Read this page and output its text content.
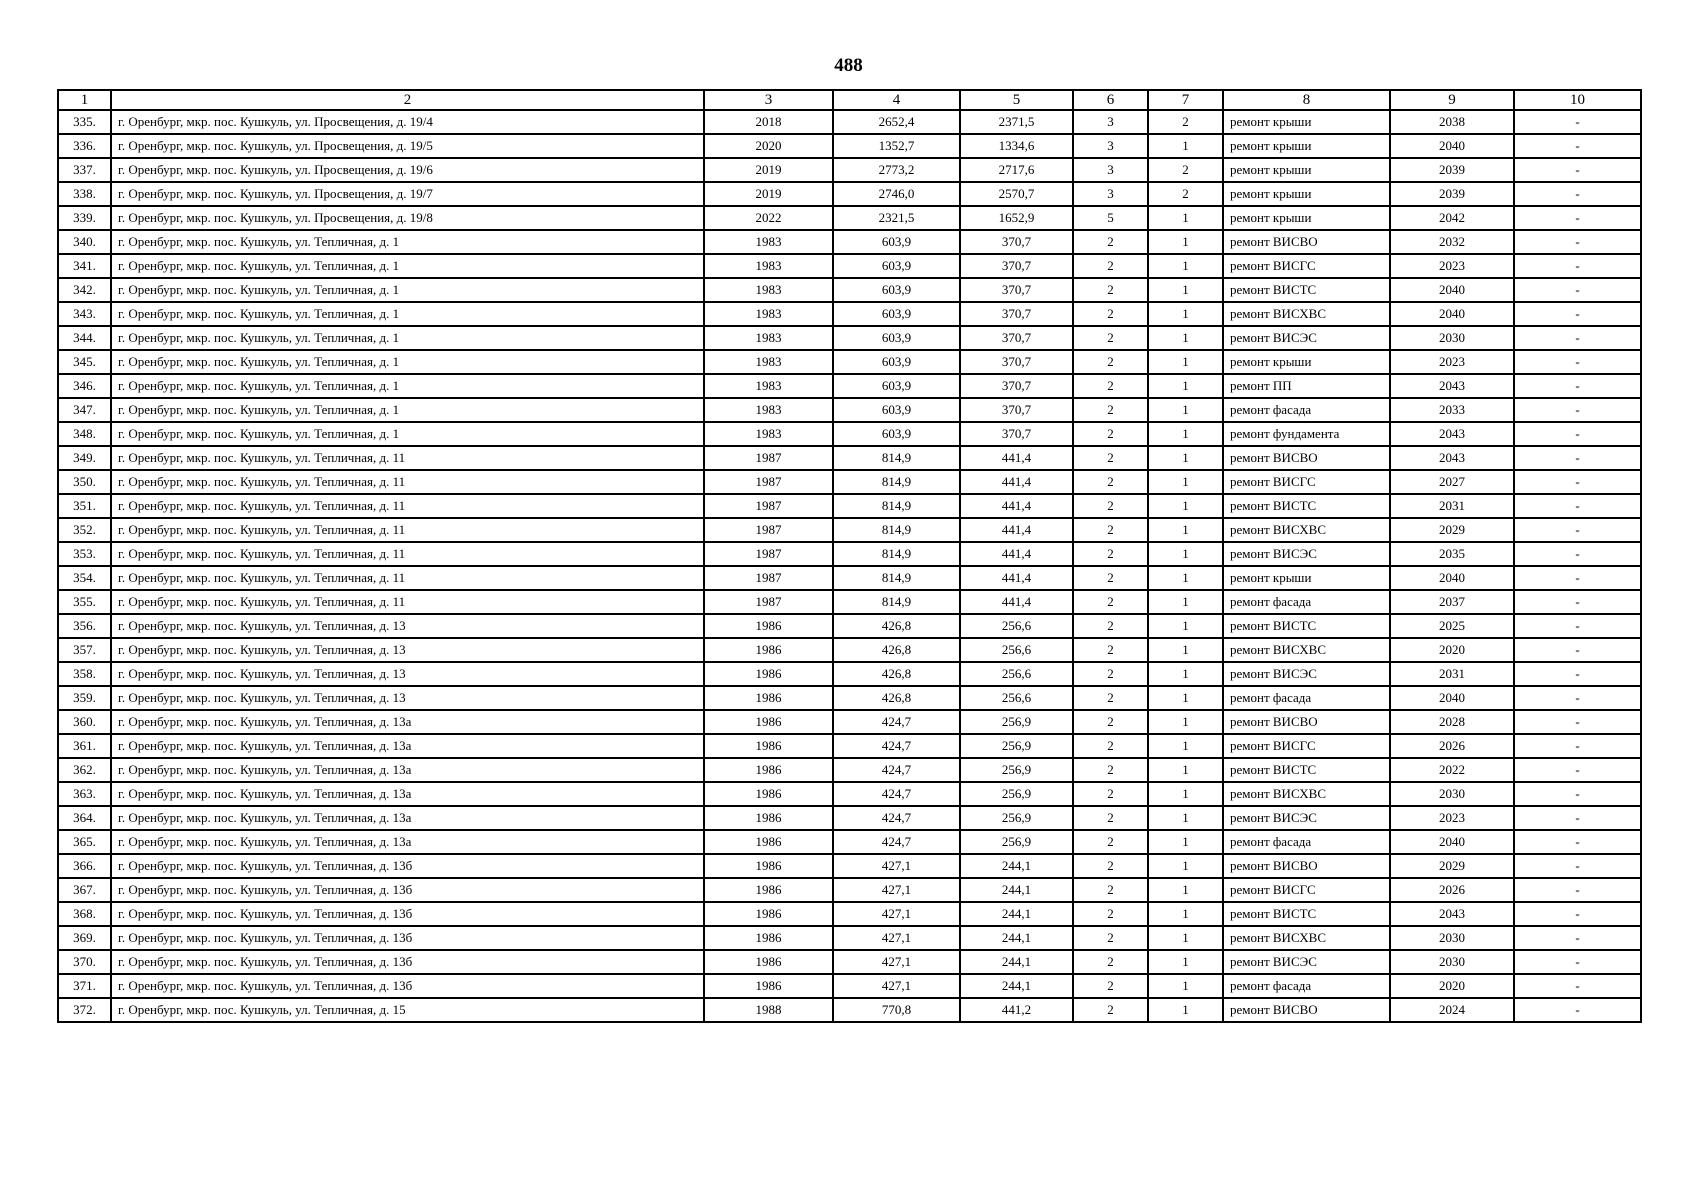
488
1	2	3	4	5	6	7	8	9	10
335.	г. Оренбург, мкр. пос. Кушкуль, ул. Просвещения, д. 19/4	2018	2652,4	2371,5	3	2	ремонт крыши	2038	-
336.	г. Оренбург, мкр. пос. Кушкуль, ул. Просвещения, д. 19/5	2020	1352,7	1334,6	3	1	ремонт крыши	2040	-
337.	г. Оренбург, мкр. пос. Кушкуль, ул. Просвещения, д. 19/6	2019	2773,2	2717,6	3	2	ремонт крыши	2039	-
338.	г. Оренбург, мкр. пос. Кушкуль, ул. Просвещения, д. 19/7	2019	2746,0	2570,7	3	2	ремонт крыши	2039	-
339.	г. Оренбург, мкр. пос. Кушкуль, ул. Просвещения, д. 19/8	2022	2321,5	1652,9	5	1	ремонт крыши	2042	-
340.	г. Оренбург, мкр. пос. Кушкуль, ул. Тепличная, д. 1	1983	603,9	370,7	2	1	ремонт ВИСВО	2032	-
341.	г. Оренбург, мкр. пос. Кушкуль, ул. Тепличная, д. 1	1983	603,9	370,7	2	1	ремонт ВИСГС	2023	-
342.	г. Оренбург, мкр. пос. Кушкуль, ул. Тепличная, д. 1	1983	603,9	370,7	2	1	ремонт ВИСТС	2040	-
343.	г. Оренбург, мкр. пос. Кушкуль, ул. Тепличная, д. 1	1983	603,9	370,7	2	1	ремонт ВИСХВС	2040	-
344.	г. Оренбург, мкр. пос. Кушкуль, ул. Тепличная, д. 1	1983	603,9	370,7	2	1	ремонт ВИСЭС	2030	-
345.	г. Оренбург, мкр. пос. Кушкуль, ул. Тепличная, д. 1	1983	603,9	370,7	2	1	ремонт крыши	2023	-
346.	г. Оренбург, мкр. пос. Кушкуль, ул. Тепличная, д. 1	1983	603,9	370,7	2	1	ремонт ПП	2043	-
347.	г. Оренбург, мкр. пос. Кушкуль, ул. Тепличная, д. 1	1983	603,9	370,7	2	1	ремонт фасада	2033	-
348.	г. Оренбург, мкр. пос. Кушкуль, ул. Тепличная, д. 1	1983	603,9	370,7	2	1	ремонт фундамента	2043	-
349.	г. Оренбург, мкр. пос. Кушкуль, ул. Тепличная, д. 11	1987	814,9	441,4	2	1	ремонт ВИСВО	2043	-
350.	г. Оренбург, мкр. пос. Кушкуль, ул. Тепличная, д. 11	1987	814,9	441,4	2	1	ремонт ВИСГС	2027	-
351.	г. Оренбург, мкр. пос. Кушкуль, ул. Тепличная, д. 11	1987	814,9	441,4	2	1	ремонт ВИСТС	2031	-
352.	г. Оренбург, мкр. пос. Кушкуль, ул. Тепличная, д. 11	1987	814,9	441,4	2	1	ремонт ВИСХВС	2029	-
353.	г. Оренбург, мкр. пос. Кушкуль, ул. Тепличная, д. 11	1987	814,9	441,4	2	1	ремонт ВИСЭС	2035	-
354.	г. Оренбург, мкр. пос. Кушкуль, ул. Тепличная, д. 11	1987	814,9	441,4	2	1	ремонт крыши	2040	-
355.	г. Оренбург, мкр. пос. Кушкуль, ул. Тепличная, д. 11	1987	814,9	441,4	2	1	ремонт фасада	2037	-
356.	г. Оренбург, мкр. пос. Кушкуль, ул. Тепличная, д. 13	1986	426,8	256,6	2	1	ремонт ВИСТС	2025	-
357.	г. Оренбург, мкр. пос. Кушкуль, ул. Тепличная, д. 13	1986	426,8	256,6	2	1	ремонт ВИСХВС	2020	-
358.	г. Оренбург, мкр. пос. Кушкуль, ул. Тепличная, д. 13	1986	426,8	256,6	2	1	ремонт ВИСЭС	2031	-
359.	г. Оренбург, мкр. пос. Кушкуль, ул. Тепличная, д. 13	1986	426,8	256,6	2	1	ремонт фасада	2040	-
360.	г. Оренбург, мкр. пос. Кушкуль, ул. Тепличная, д. 13а	1986	424,7	256,9	2	1	ремонт ВИСВО	2028	-
361.	г. Оренбург, мкр. пос. Кушкуль, ул. Тепличная, д. 13а	1986	424,7	256,9	2	1	ремонт ВИСГС	2026	-
362.	г. Оренбург, мкр. пос. Кушкуль, ул. Тепличная, д. 13а	1986	424,7	256,9	2	1	ремонт ВИСТС	2022	-
363.	г. Оренбург, мкр. пос. Кушкуль, ул. Тепличная, д. 13а	1986	424,7	256,9	2	1	ремонт ВИСХВС	2030	-
364.	г. Оренбург, мкр. пос. Кушкуль, ул. Тепличная, д. 13а	1986	424,7	256,9	2	1	ремонт ВИСЭС	2023	-
365.	г. Оренбург, мкр. пос. Кушкуль, ул. Тепличная, д. 13а	1986	424,7	256,9	2	1	ремонт фасада	2040	-
366.	г. Оренбург, мкр. пос. Кушкуль, ул. Тепличная, д. 13б	1986	427,1	244,1	2	1	ремонт ВИСВО	2029	-
367.	г. Оренбург, мкр. пос. Кушкуль, ул. Тепличная, д. 13б	1986	427,1	244,1	2	1	ремонт ВИСГС	2026	-
368.	г. Оренбург, мкр. пос. Кушкуль, ул. Тепличная, д. 13б	1986	427,1	244,1	2	1	ремонт ВИСТС	2043	-
369.	г. Оренбург, мкр. пос. Кушкуль, ул. Тепличная, д. 13б	1986	427,1	244,1	2	1	ремонт ВИСХВС	2030	-
370.	г. Оренбург, мкр. пос. Кушкуль, ул. Тепличная, д. 13б	1986	427,1	244,1	2	1	ремонт ВИСЭС	2030	-
371.	г. Оренбург, мкр. пос. Кушкуль, ул. Тепличная, д. 13б	1986	427,1	244,1	2	1	ремонт фасада	2020	-
372.	г. Оренбург, мкр. пос. Кушкуль, ул. Тепличная, д. 15	1988	770,8	441,2	2	1	ремонт ВИСВО	2024	-
